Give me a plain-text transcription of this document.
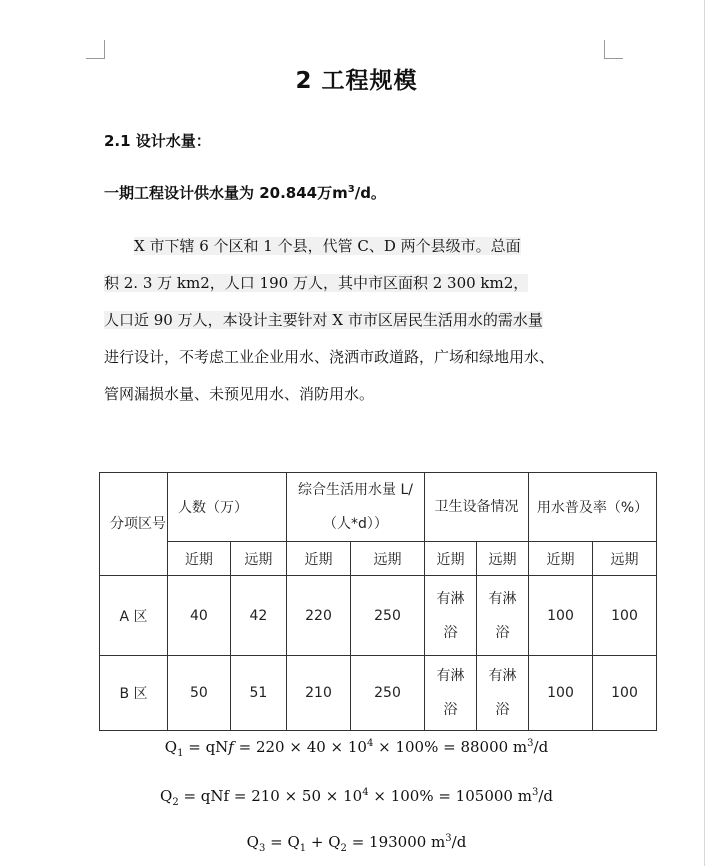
2 工程规模
2.1 设计水量：
一期工程设计供水量为 20.844万$m^3/d$。
X 市下辖 6 个区和 1 个县，代管 C、D 两个县级市。总面
积 2. 3 万 km2，人口 190 万人，其中市区面积 2 300 km2，
人口近 90 万人，本设计主要针对 X 市市区居民生活用水的需水量
进行设计，不考虑工业企业用水、浇洒市政道路，广场和绿地用水、
管网漏损水量、未预见用水、消防用水。
分项区号	人数（万）		综合生活用水量 L/（人*d））		卫生设备情况		用水普及率（%）	
	近期	远期	近期	远期	近期	远期	近期	远期
A 区	40	42	220	250	有淋浴	有淋浴	100	100
B 区	50	51	210	250	有淋浴	有淋浴	100	100
$Q_1$ = qN𝑓 = $220 \times 40 \times 10^4 \times 100\% = 88000$ $m^3/d$
$Q_2$ = qNf = $210 \times 50 \times 10^4 \times 100\% = 105000$ $m^3/d$
$Q_3 = Q_1 + Q_2 = 193000$ $m^3/d$
